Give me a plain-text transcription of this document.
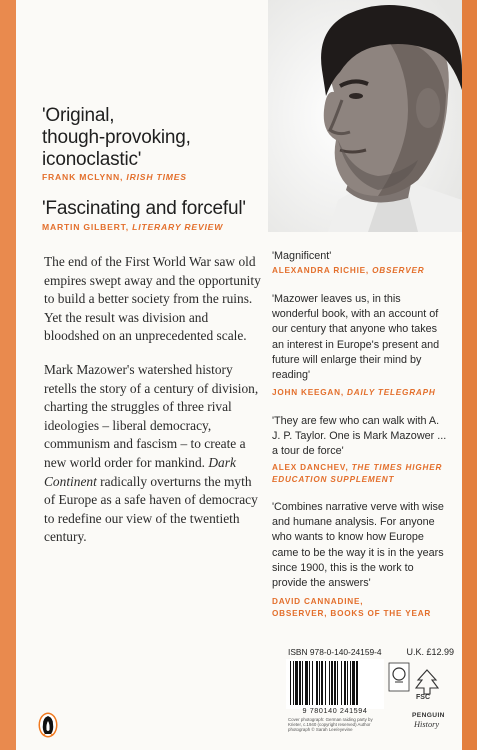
'Original,
though-provoking,
iconoclastic'
FRANK MCLYNN, IRISH TIMES
'Fascinating and forceful'
MARTIN GILBERT, LITERARY REVIEW

The end of the First World War saw old empires swept away and the opportunity to build a better society from the ruins. Yet the result was division and bloodshed on an unprecedented scale.

Mark Mazower's watershed history retells the story of a century of division, charting the struggles of three rival ideologies – liberal democracy, communism and fascism – to create a new world order for mankind. Dark Continent radically overturns the myth of Europe as a safe haven of democracy to redefine our view of the twentieth century.

'Magnificent'
ALEXANDRA RICHIE, OBSERVER
'Mazower leaves us, in this wonderful book, with an account of our century that anyone who takes an interest in Europe's present and future will enlarge their mind by reading'
JOHN KEEGAN, DAILY TELEGRAPH
'They are few who can walk with A. J. P. Taylor. One is Mark Mazower ... a tour de force'
ALEX DANCHEV, THE TIMES HIGHER
EDUCATION SUPPLEMENT
'Combines narrative verve with wise and humane analysis. For anyone who wants to know how Europe came to be the way it is in the years since 1900, this is the work to provide the answers'
DAVID CANNADINE,
OBSERVER, BOOKS OF THE YEAR
ISBN 978-0-140-24159-4	U.K. £12.99
9 780140 241594
Cover photograph: German raiding party by Krieter, c.1940 (copyright reserved) Author photograph © Sarah Lee/eyevine
FSC
PENGUIN
History
